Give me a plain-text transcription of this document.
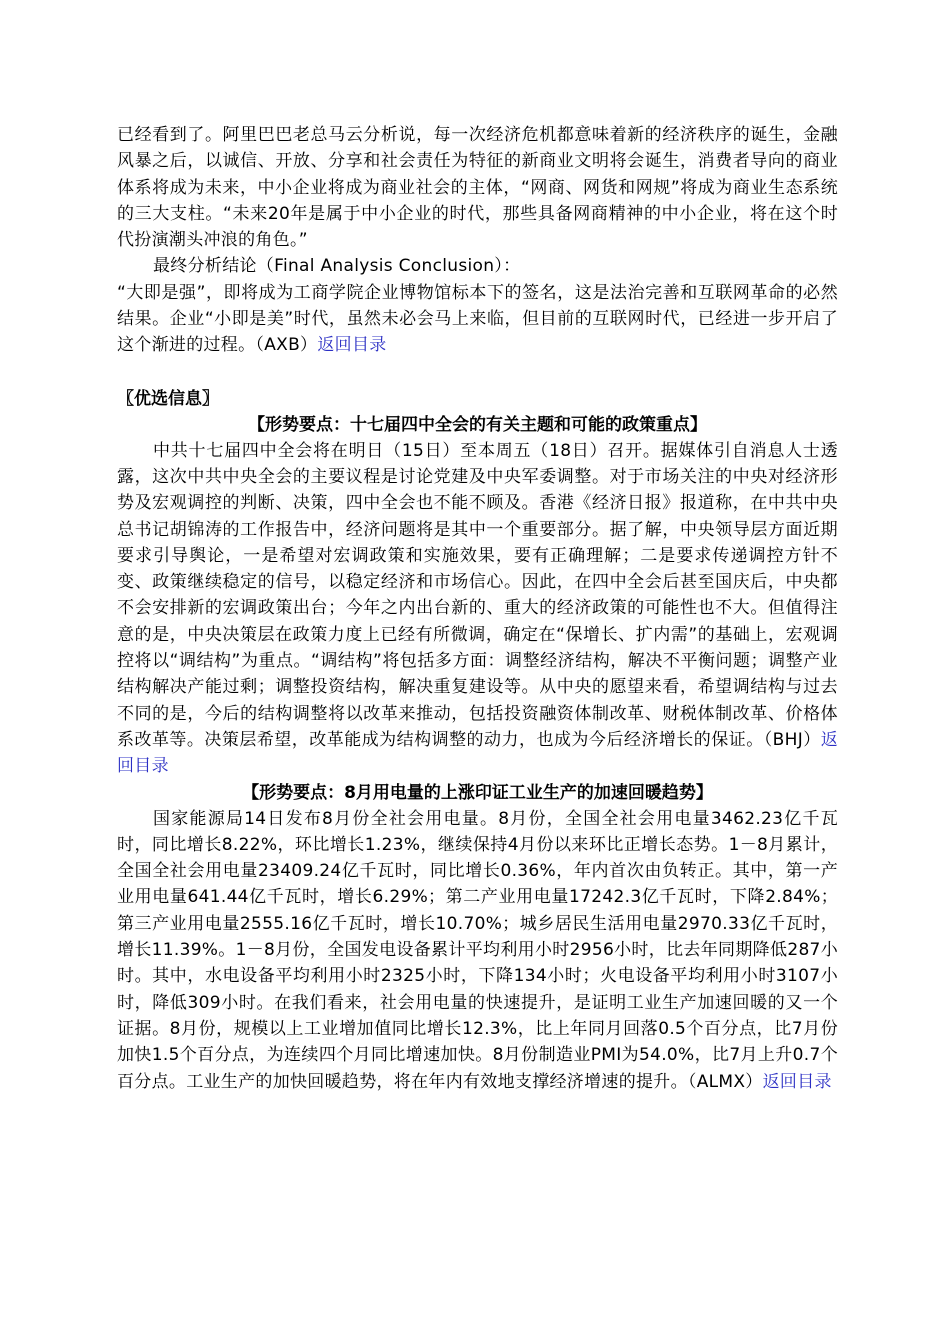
已经看到了。阿里巴巴老总马云分析说，每一次经济危机都意味着新的经济秩序的诞生，金融风暴之后，以诚信、开放、分享和社会责任为特征的新商业文明将会诞生，消费者导向的商业体系将成为未来，中小企业将成为商业社会的主体，“网商、网货和网规”将成为商业生态系统的三大支柱。“未来20年是属于中小企业的时代，那些具备网商精神的中小企业，将在这个时代扮演潮头冲浪的角色。”

最终分析结论（Final Analysis Conclusion）：

“大即是强”，即将成为工商学院企业博物馆标本下的签名，这是法治完善和互联网革命的必然结果。企业“小即是美”时代，虽然未必会马上来临，但目前的互联网时代，已经进一步开启了这个渐进的过程。（AXB）返回目录

〖优选信息〗

【形势要点：十七届四中全会的有关主题和可能的政策重点】

中共十七届四中全会将在明日（15日）至本周五（18日）召开。据媒体引自消息人士透露，这次中共中央全会的主要议程是讨论党建及中央军委调整。对于市场关注的中央对经济形势及宏观调控的判断、决策，四中全会也不能不顾及。香港《经济日报》报道称，在中共中央总书记胡锦涛的工作报告中，经济问题将是其中一个重要部分。据了解，中央领导层方面近期要求引导舆论，一是希望对宏调政策和实施效果，要有正确理解；二是要求传递调控方针不变、政策继续稳定的信号，以稳定经济和市场信心。因此，在四中全会后甚至国庆后，中央都不会安排新的宏调政策出台；今年之内出台新的、重大的经济政策的可能性也不大。但值得注意的是，中央决策层在政策力度上已经有所微调，确定在“保增长、扩内需”的基础上，宏观调控将以“调结构”为重点。“调结构”将包括多方面：调整经济结构，解决不平衡问题；调整产业结构解决产能过剩；调整投资结构，解决重复建设等。从中央的愿望来看，希望调结构与过去不同的是，今后的结构调整将以改革来推动，包括投资融资体制改革、财税体制改革、价格体系改革等。决策层希望，改革能成为结构调整的动力，也成为今后经济增长的保证。（BHJ）返回目录

【形势要点：8月用电量的上涨印证工业生产的加速回暖趋势】

国家能源局14日发布8月份全社会用电量。8月份，全国全社会用电量3462.23亿千瓦时，同比增长8.22%，环比增长1.23%，继续保持4月份以来环比正增长态势。1－8月累计，全国全社会用电量23409.24亿千瓦时，同比增长0.36%，年内首次由负转正。其中，第一产业用电量641.44亿千瓦时，增长6.29%；第二产业用电量17242.3亿千瓦时，下降2.84%；第三产业用电量2555.16亿千瓦时，增长10.70%；城乡居民生活用电量2970.33亿千瓦时，增长11.39%。1－8月份，全国发电设备累计平均利用小时2956小时，比去年同期降低287小时。其中，水电设备平均利用小时2325小时，下降134小时；火电设备平均利用小时3107小时，降低309小时。在我们看来，社会用电量的快速提升，是证明工业生产加速回暖的又一个证据。8月份，规模以上工业增加值同比增长12.3%，比上年同月回落0.5个百分点，比7月份加快1.5个百分点，为连续四个月同比增速加快。8月份制造业PMI为54.0%，比7月上升0.7个百分点。工业生产的加快回暖趋势，将在年内有效地支撑经济增速的提升。（ALMX）返回目录
